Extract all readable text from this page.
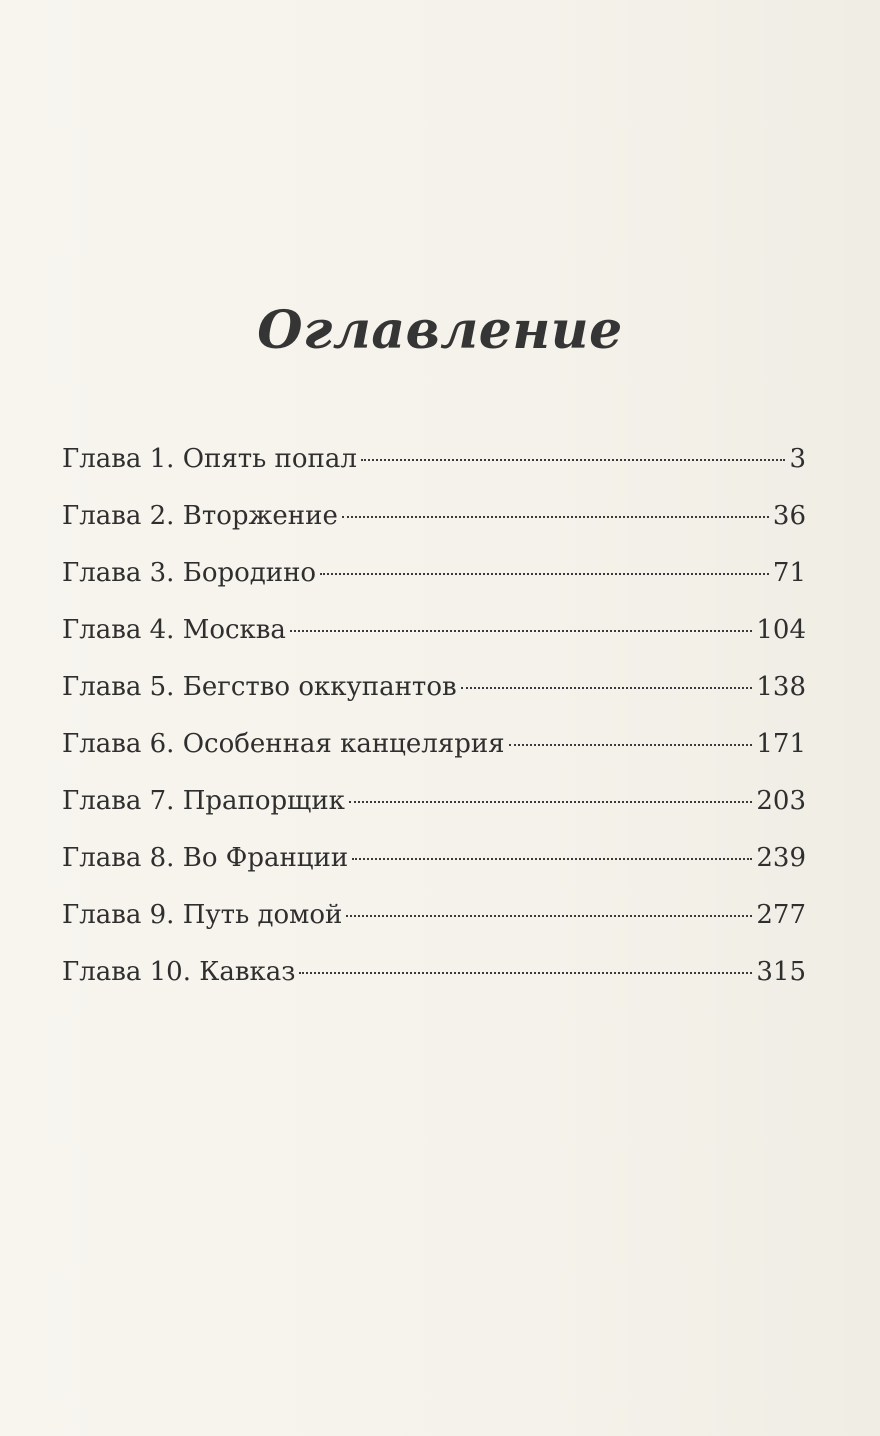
Оглавление
Глава 1. Опять попал	3
Глава 2. Вторжение	36
Глава 3. Бородино	71
Глава 4. Москва	104
Глава 5. Бегство оккупантов	138
Глава 6. Особенная канцелярия	171
Глава 7. Прапорщик	203
Глава 8. Во Франции	239
Глава 9. Путь домой	277
Глава 10. Кавказ	315
